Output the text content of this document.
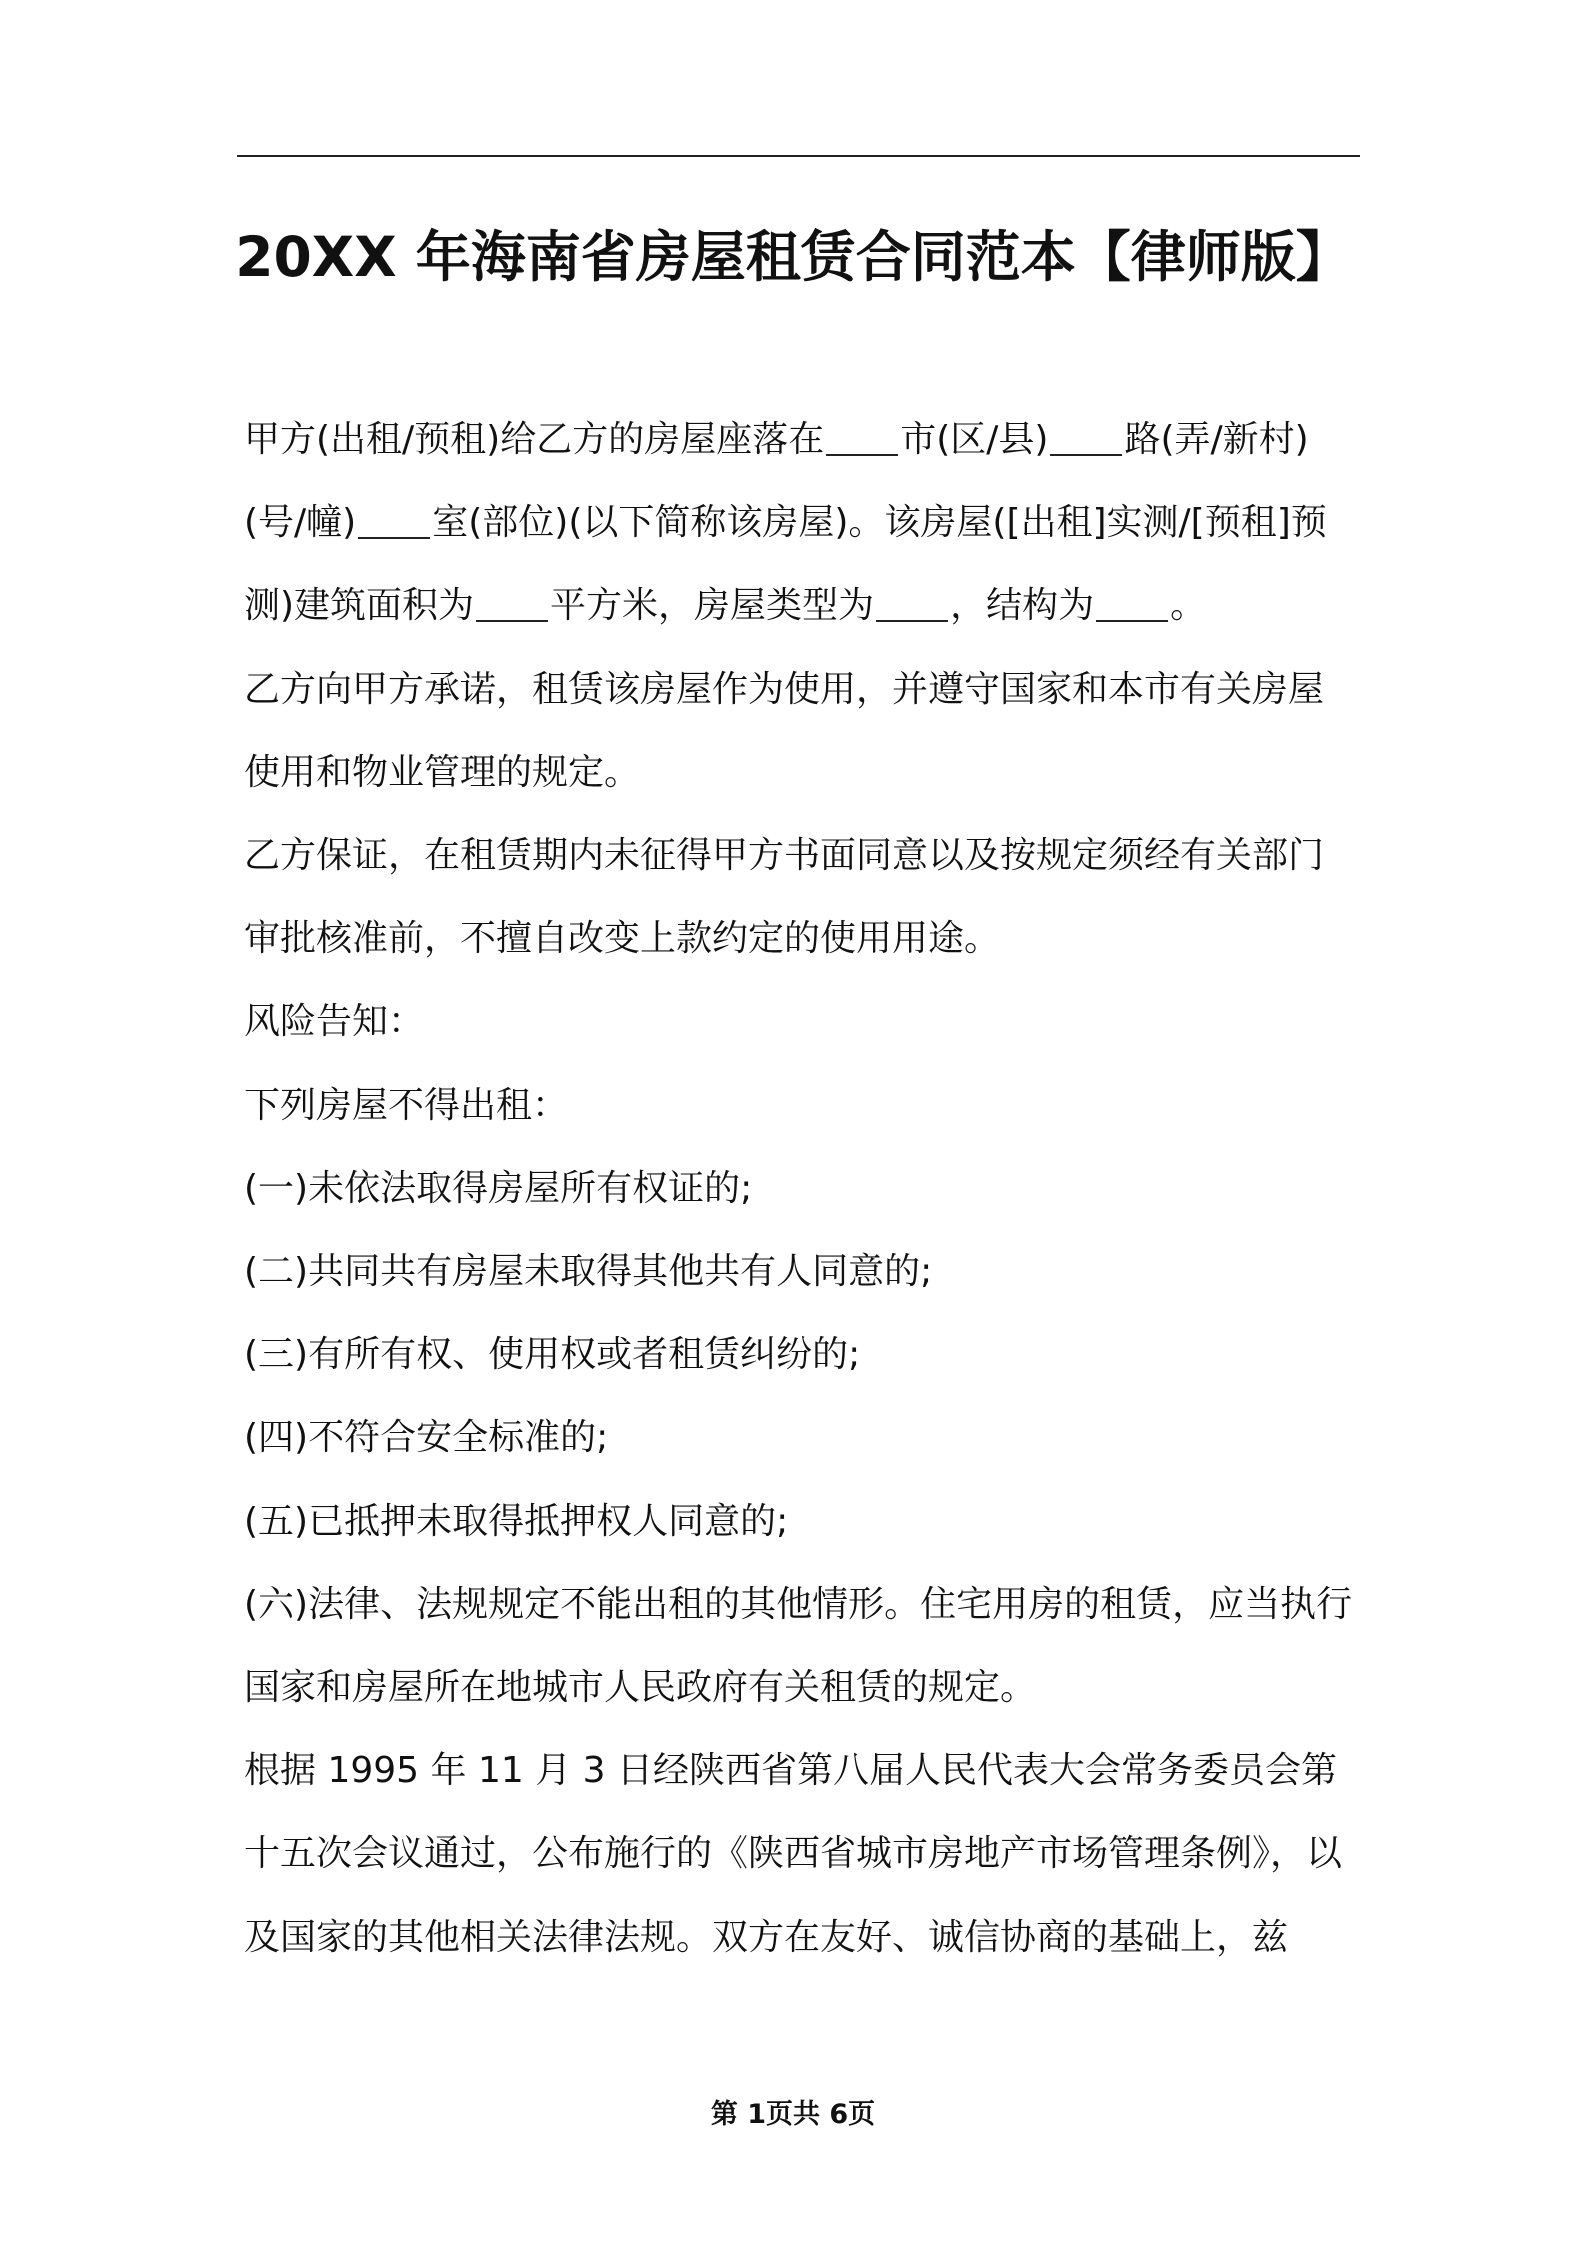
20XX 年海南省房屋租赁合同范本【律师版】

甲方(出租/预租)给乙方的房屋座落在 市(区/县) 路(弄/新村)(号/幢) 室(部位)(以下简称该房屋)。该房屋([出租]实测/[预租]预测)建筑面积为 平方米，房屋类型为 ，结构为 。

乙方向甲方承诺，租赁该房屋作为使用，并遵守国家和本市有关房屋使用和物业管理的规定。

乙方保证，在租赁期内未征得甲方书面同意以及按规定须经有关部门审批核准前，不擅自改变上款约定的使用用途。

风险告知：

下列房屋不得出租：

(一)未依法取得房屋所有权证的;

(二)共同共有房屋未取得其他共有人同意的;

(三)有所有权、使用权或者租赁纠纷的;

(四)不符合安全标准的;

(五)已抵押未取得抵押权人同意的;

(六)法律、法规规定不能出租的其他情形。住宅用房的租赁，应当执行国家和房屋所在地城市人民政府有关租赁的规定。

根据 1995 年 11 月 3 日经陕西省第八届人民代表大会常务委员会第十五次会议通过，公布施行的《陕西省城市房地产市场管理条例》，以及国家的其他相关法律法规。双方在友好、诚信协商的基础上，兹

第 1页共 6页
